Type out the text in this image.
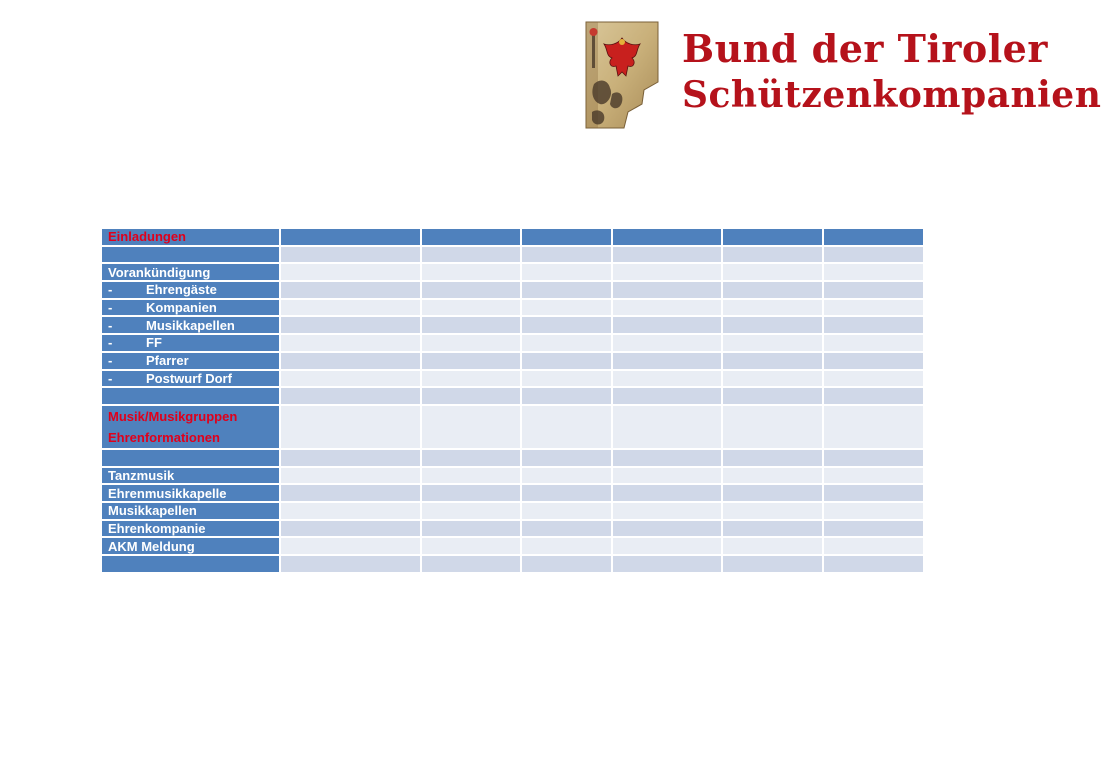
Bund der Tiroler
Schützenkompanien
Einladungen						

Vorankündigung						
- Ehrengäste						
- Kompanien						
- Musikkapellen						
- FF						
- Pfarrer						
- Postwurf Dorf						

Musik/Musikgruppen
Ehrenformationen						

Tanzmusik						
Ehrenmusikkapelle						
Musikkapellen						
Ehrenkompanie						
AKM Meldung						
